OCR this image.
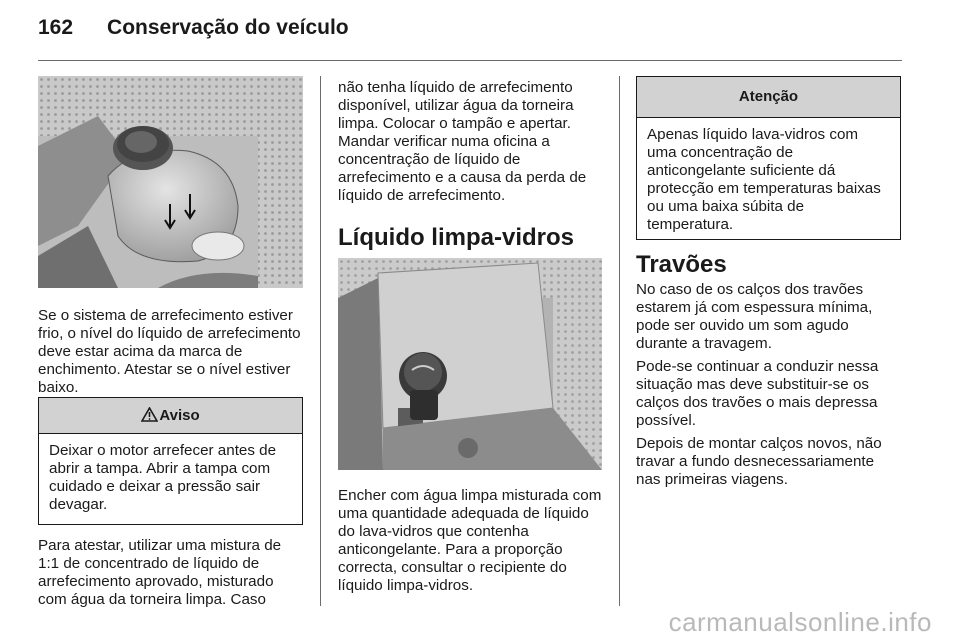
162 Conservação do veículo

Se o sistema de arrefecimento estiver frio, o nível do líquido de arrefecimento deve estar acima da marca de enchimento. Atestar se o nível estiver baixo.

Aviso
Deixar o motor arrefecer antes de abrir a tampa. Abrir a tampa com cuidado e deixar a pressão sair devagar.

Para atestar, utilizar uma mistura de 1:1 de concentrado de líquido de arrefecimento aprovado, misturado com água da torneira limpa. Caso

não tenha líquido de arrefecimento disponível, utilizar água da torneira limpa. Colocar o tampão e apertar. Mandar verificar numa oficina a concentração de líquido de arrefecimento e a causa da perda de líquido de arrefecimento.

Líquido limpa-vidros

Encher com água limpa misturada com uma quantidade adequada de líquido do lava-vidros que contenha anticongelante. Para a proporção correcta, consultar o recipiente do líquido limpa-vidros.

Atenção
Apenas líquido lava-vidros com uma concentração de anticongelante suficiente dá protecção em temperaturas baixas ou uma baixa súbita de temperatura.
Travões

No caso de os calços dos travões estarem já com espessura mínima, pode ser ouvido um som agudo durante a travagem.

Pode-se continuar a conduzir nessa situação mas deve substituir-se os calços dos travões o mais depressa possível.

Depois de montar calços novos, não travar a fundo desnecessariamente nas primeiras viagens.

carmanualsonline.info
